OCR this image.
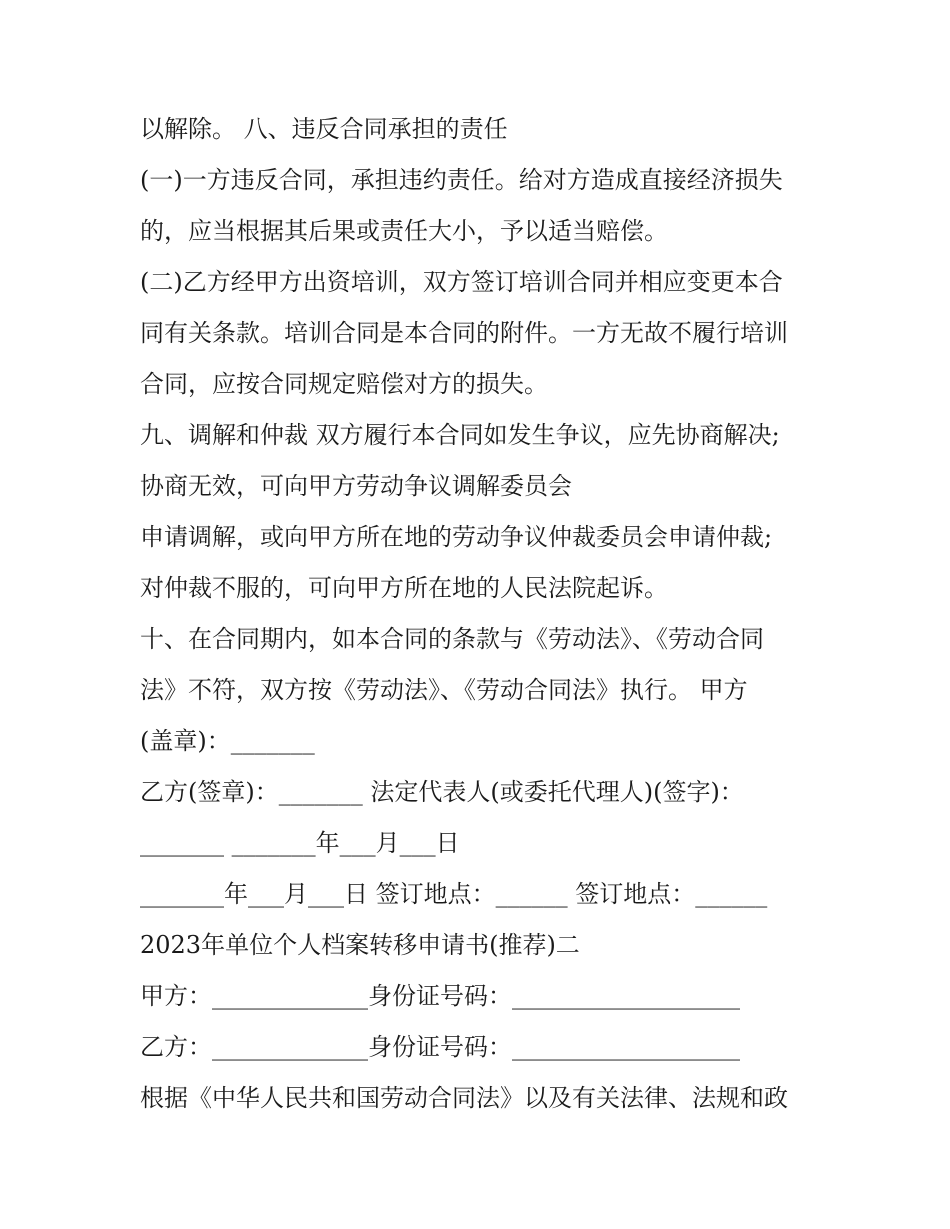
以解除。 八、违反合同承担的责任
(一)一方违反合同，承担违约责任。给对方造成直接经济损失
的，应当根据其后果或责任大小，予以适当赔偿。
(二)乙方经甲方出资培训，双方签订培训合同并相应变更本合
同有关条款。培训合同是本合同的附件。一方无故不履行培训
合同，应按合同规定赔偿对方的损失。
九、调解和仲裁 双方履行本合同如发生争议，应先协商解决;
协商无效，可向甲方劳动争议调解委员会
申请调解，或向甲方所在地的劳动争议仲裁委员会申请仲裁;
对仲裁不服的，可向甲方所在地的人民法院起诉。
十、在合同期内，如本合同的条款与《劳动法》、《劳动合同
法》不符，双方按《劳动法》、《劳动合同法》执行。 甲方
(盖章)：_______
乙方(签章)：_______ 法定代表人(或委托代理人)(签字)：
_______ _______年___月___日
_______年___月___日 签订地点：______ 签订地点：______
2023年单位个人档案转移申请书(推荐)二
甲方：_____________身份证号码：___________________
乙方：_____________身份证号码：___________________
根据《中华人民共和国劳动合同法》以及有关法律、法规和政
